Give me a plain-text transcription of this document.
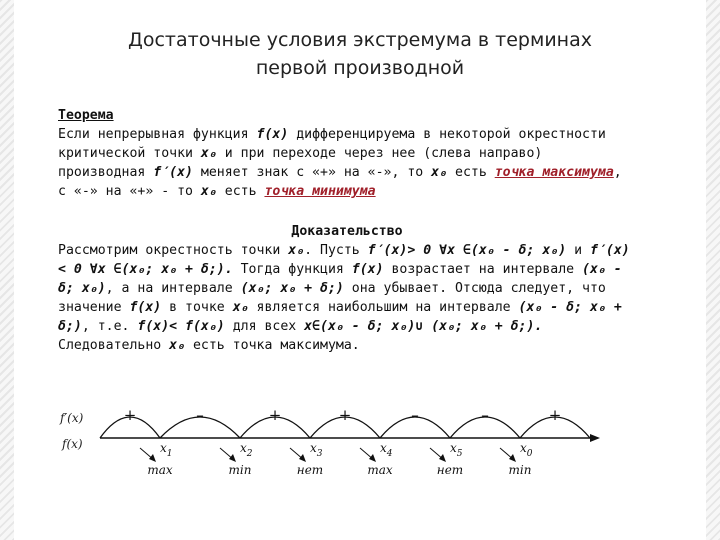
Достаточные условия экстремума в терминах
первой производной

Теорема

Если непрерывная функция f(x) дифференцируема в некоторой окрестности критической точки x₀ и при переходе через нее (слева направо) производная f′(x) меняет знак с «+» на «-», то x₀ есть точка максимума, с «-» на «+» - то x₀ есть точка минимума

Доказательство

Рассмотрим окрестность точки x₀. Пусть f′(x)> 0 ∀x ∈(x₀ - δ; x₀) и f′(x)< 0 ∀x ∈(x₀; x₀ + δ;). Тогда функция f(x) возрастает на интервале (x₀ - δ; x₀), а на интервале (x₀; x₀ + δ;) она убывает. Отсюда следует, что значение f(x) в точке x₀ является наибольшим на интервале (x₀ - δ; x₀ + δ;), т.е. f(x)< f(x₀) для всех x∈(x₀ - δ; x₀)∪ (x₀; x₀ + δ;). Следовательно x₀ есть точка максимума.

f′(x)
f(x)
+	–	+	+	–	–	+
$x_1$
max
$x_2$
min
$x_3$
нет
$x_4$
max
$x_5$
нет
$x_0$
min
